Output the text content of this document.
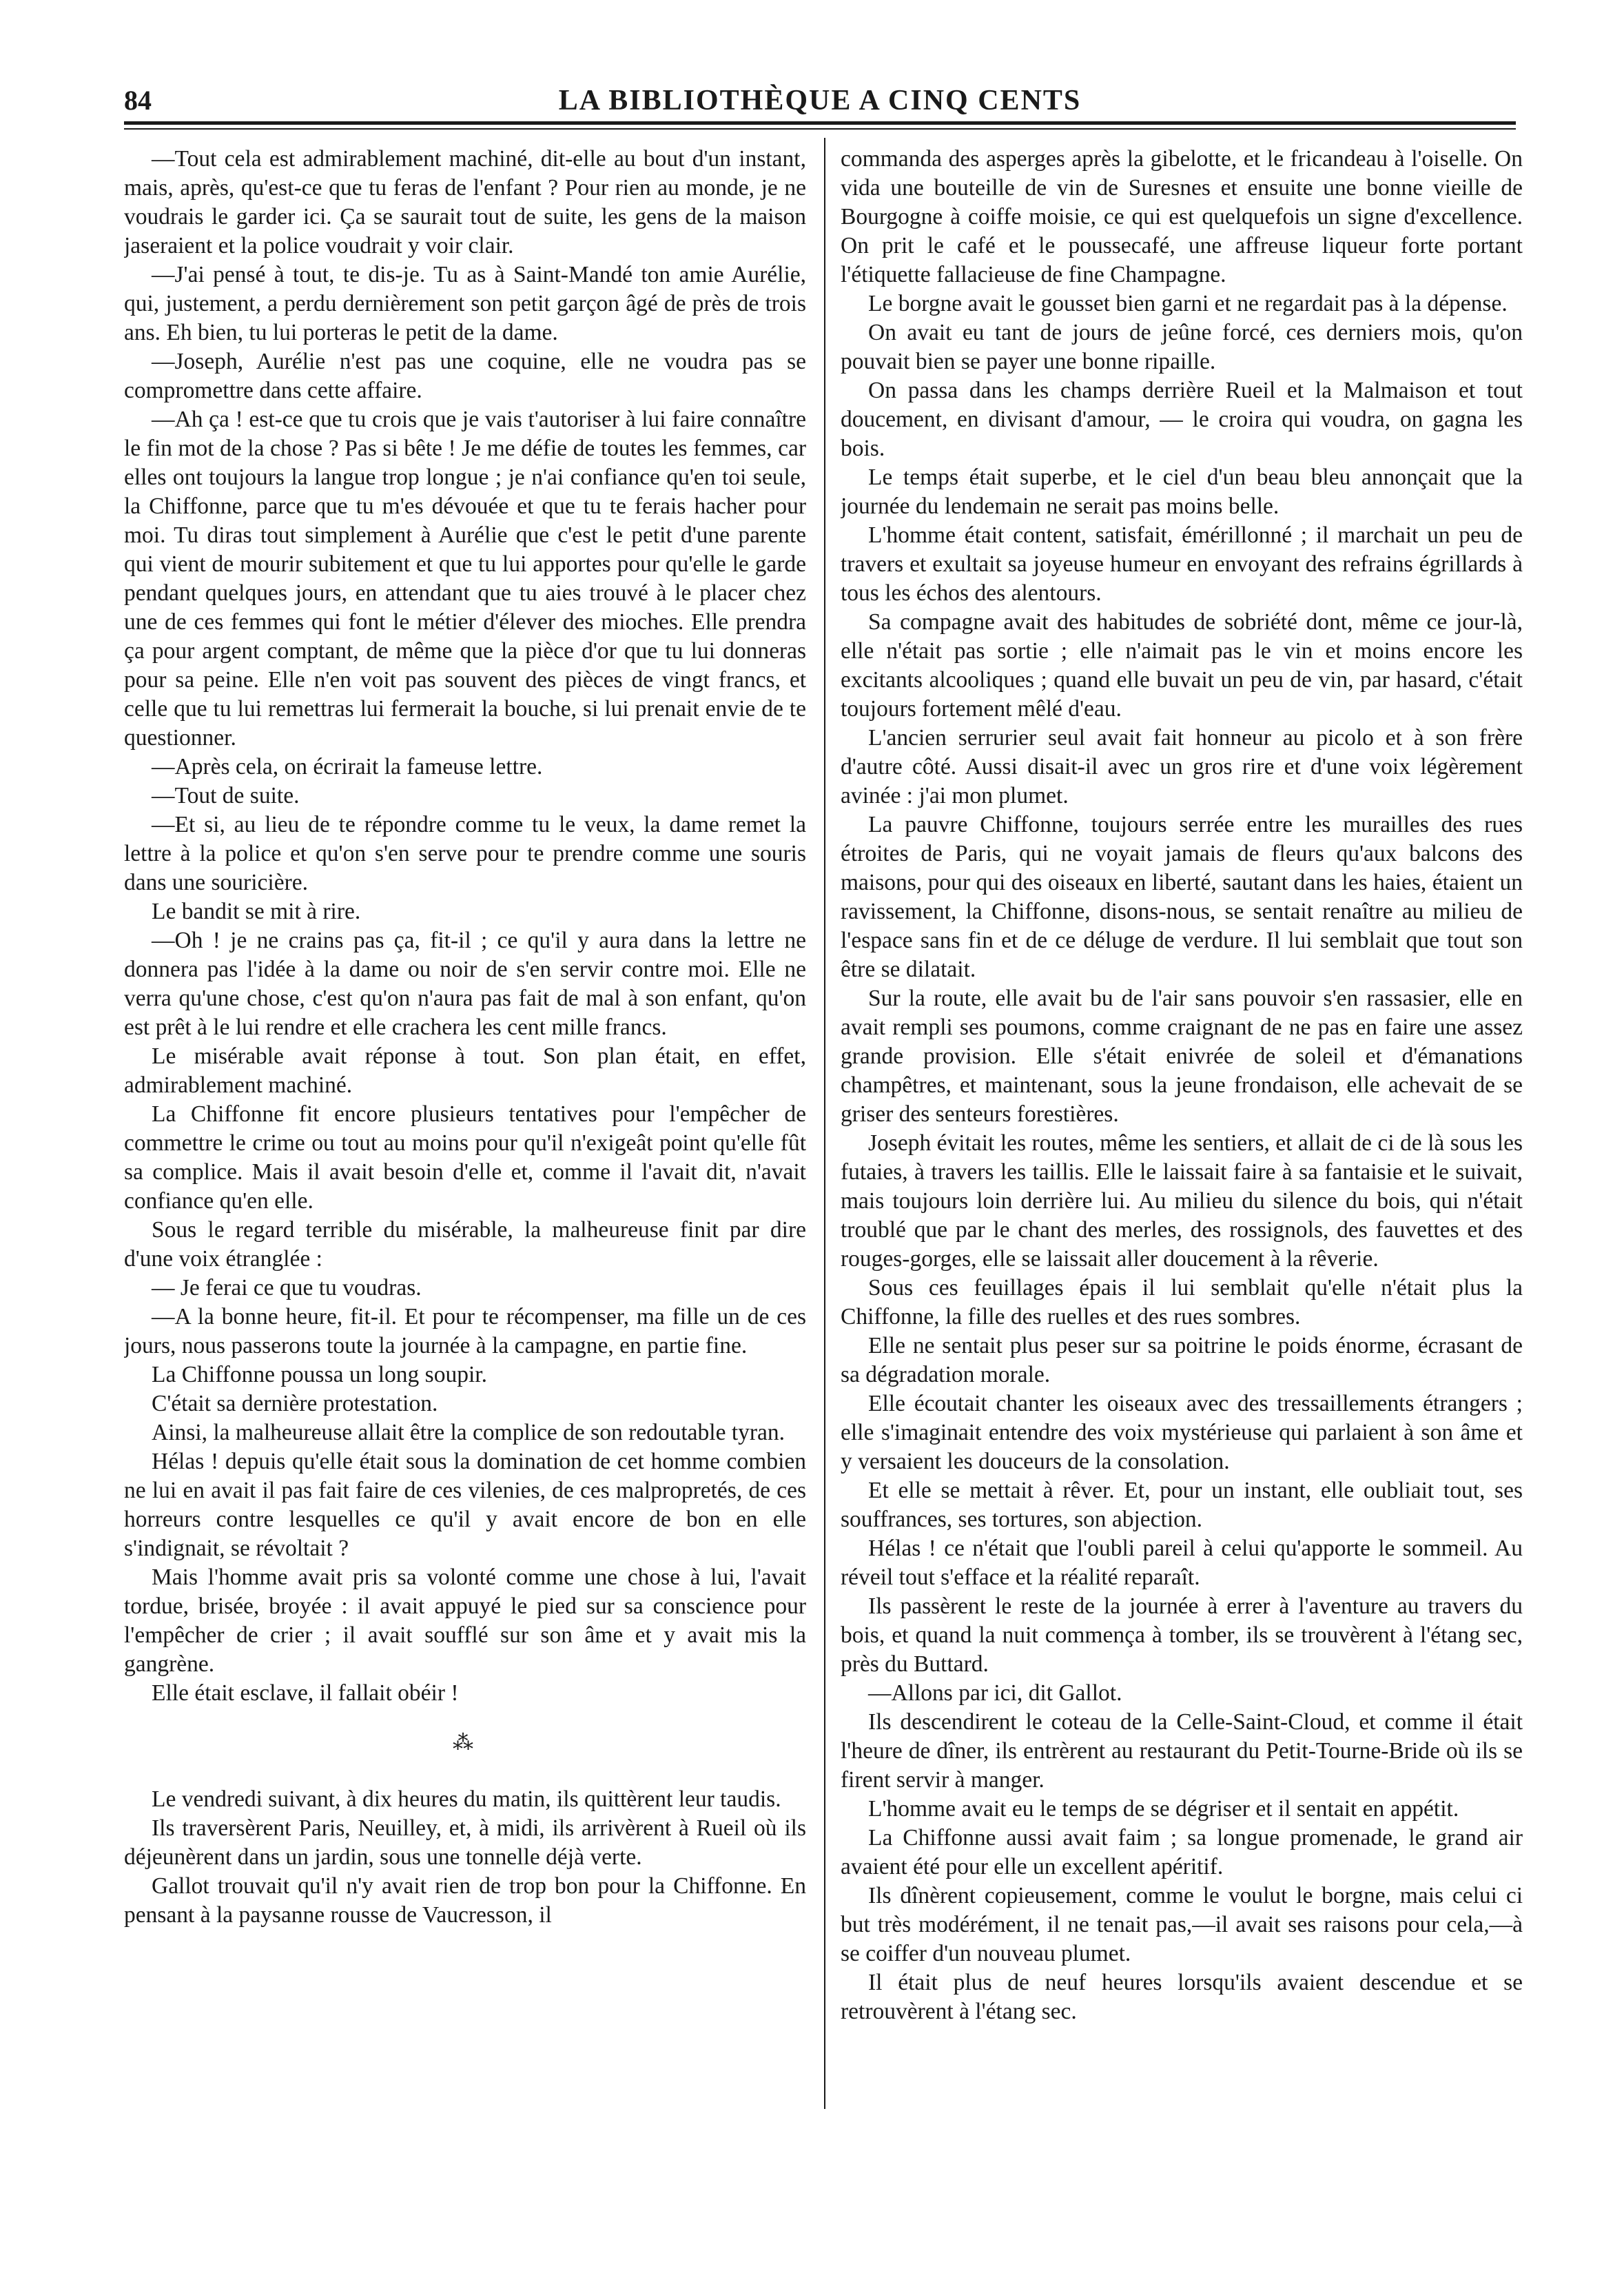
84	LA BIBLIOTHÈQUE A CINQ CENTS

—Tout cela est admirablement machiné, dit-elle au bout d'un instant, mais, après, qu'est-ce que tu feras de l'enfant ? Pour rien au monde, je ne voudrais le garder ici. Ça se saurait tout de suite, les gens de la maison jaseraient et la police voudrait y voir clair.

—J'ai pensé à tout, te dis-je. Tu as à Saint-Mandé ton amie Aurélie, qui, justement, a perdu dernièrement son petit garçon âgé de près de trois ans. Eh bien, tu lui porteras le petit de la dame.

—Joseph, Aurélie n'est pas une coquine, elle ne voudra pas se compromettre dans cette affaire.

—Ah ça ! est-ce que tu crois que je vais t'autoriser à lui faire connaître le fin mot de la chose ? Pas si bête ! Je me défie de toutes les femmes, car elles ont toujours la langue trop longue ; je n'ai confiance qu'en toi seule, la Chiffonne, parce que tu m'es dévouée et que tu te ferais hacher pour moi. Tu diras tout simplement à Aurélie que c'est le petit d'une parente qui vient de mourir subitement et que tu lui apportes pour qu'elle le garde pendant quelques jours, en attendant que tu aies trouvé à le placer chez une de ces femmes qui font le métier d'élever des mioches. Elle prendra ça pour argent comptant, de même que la pièce d'or que tu lui donneras pour sa peine. Elle n'en voit pas souvent des pièces de vingt francs, et celle que tu lui remettras lui fermerait la bouche, si lui prenait envie de te questionner.

—Après cela, on écrirait la fameuse lettre.

—Tout de suite.

—Et si, au lieu de te répondre comme tu le veux, la dame remet la lettre à la police et qu'on s'en serve pour te prendre comme une souris dans une souricière.

Le bandit se mit à rire.

—Oh ! je ne crains pas ça, fit-il ; ce qu'il y aura dans la lettre ne donnera pas l'idée à la dame ou noir de s'en servir contre moi. Elle ne verra qu'une chose, c'est qu'on n'aura pas fait de mal à son enfant, qu'on est prêt à le lui rendre et elle crachera les cent mille francs.

Le misérable avait réponse à tout. Son plan était, en effet, admirablement machiné.

La Chiffonne fit encore plusieurs tentatives pour l'empêcher de commettre le crime ou tout au moins pour qu'il n'exigeât point qu'elle fût sa complice. Mais il avait besoin d'elle et, comme il l'avait dit, n'avait confiance qu'en elle.

Sous le regard terrible du misérable, la malheureuse finit par dire d'une voix étranglée :

— Je ferai ce que tu voudras.

—A la bonne heure, fit-il. Et pour te récompenser, ma fille un de ces jours, nous passerons toute la journée à la campagne, en partie fine.

La Chiffonne poussa un long soupir.

C'était sa dernière protestation.

Ainsi, la malheureuse allait être la complice de son redoutable tyran.

Hélas ! depuis qu'elle était sous la domination de cet homme combien ne lui en avait il pas fait faire de ces vilenies, de ces malpropretés, de ces horreurs contre lesquelles ce qu'il y avait encore de bon en elle s'indignait, se révoltait ?

Mais l'homme avait pris sa volonté comme une chose à lui, l'avait tordue, brisée, broyée : il avait appuyé le pied sur sa conscience pour l'empêcher de crier ; il avait soufflé sur son âme et y avait mis la gangrène.

Elle était esclave, il fallait obéir !

⁂

Le vendredi suivant, à dix heures du matin, ils quittèrent leur taudis.

Ils traversèrent Paris, Neuilley, et, à midi, ils arrivèrent à Rueil où ils déjeunèrent dans un jardin, sous une tonnelle déjà verte.

Gallot trouvait qu'il n'y avait rien de trop bon pour la Chiffonne. En pensant à la paysanne rousse de Vaucresson, il

commanda des asperges après la gibelotte, et le fricandeau à l'oiselle. On vida une bouteille de vin de Suresnes et ensuite une bonne vieille de Bourgogne à coiffe moisie, ce qui est quelquefois un signe d'excellence. On prit le café et le poussecafé, une affreuse liqueur forte portant l'étiquette fallacieuse de fine Champagne.

Le borgne avait le gousset bien garni et ne regardait pas à la dépense.

On avait eu tant de jours de jeûne forcé, ces derniers mois, qu'on pouvait bien se payer une bonne ripaille.

On passa dans les champs derrière Rueil et la Malmaison et tout doucement, en divisant d'amour, — le croira qui voudra, on gagna les bois.

Le temps était superbe, et le ciel d'un beau bleu annonçait que la journée du lendemain ne serait pas moins belle.

L'homme était content, satisfait, émérillonné ; il marchait un peu de travers et exultait sa joyeuse humeur en envoyant des refrains égrillards à tous les échos des alentours.

Sa compagne avait des habitudes de sobriété dont, même ce jour-là, elle n'était pas sortie ; elle n'aimait pas le vin et moins encore les excitants alcooliques ; quand elle buvait un peu de vin, par hasard, c'était toujours fortement mêlé d'eau.

L'ancien serrurier seul avait fait honneur au picolo et à son frère d'autre côté. Aussi disait-il avec un gros rire et d'une voix légèrement avinée : j'ai mon plumet.

La pauvre Chiffonne, toujours serrée entre les murailles des rues étroites de Paris, qui ne voyait jamais de fleurs qu'aux balcons des maisons, pour qui des oiseaux en liberté, sautant dans les haies, étaient un ravissement, la Chiffonne, disons-nous, se sentait renaître au milieu de l'espace sans fin et de ce déluge de verdure. Il lui semblait que tout son être se dilatait.

Sur la route, elle avait bu de l'air sans pouvoir s'en rassasier, elle en avait rempli ses poumons, comme craignant de ne pas en faire une assez grande provision. Elle s'était enivrée de soleil et d'émanations champêtres, et maintenant, sous la jeune frondaison, elle achevait de se griser des senteurs forestières.

Joseph évitait les routes, même les sentiers, et allait de ci de là sous les futaies, à travers les taillis. Elle le laissait faire à sa fantaisie et le suivait, mais toujours loin derrière lui. Au milieu du silence du bois, qui n'était troublé que par le chant des merles, des rossignols, des fauvettes et des rouges-gorges, elle se laissait aller doucement à la rêverie.

Sous ces feuillages épais il lui semblait qu'elle n'était plus la Chiffonne, la fille des ruelles et des rues sombres.

Elle ne sentait plus peser sur sa poitrine le poids énorme, écrasant de sa dégradation morale.

Elle écoutait chanter les oiseaux avec des tressaillements étrangers ; elle s'imaginait entendre des voix mystérieuse qui parlaient à son âme et y versaient les douceurs de la consolation.

Et elle se mettait à rêver. Et, pour un instant, elle oubliait tout, ses souffrances, ses tortures, son abjection.

Hélas ! ce n'était que l'oubli pareil à celui qu'apporte le sommeil. Au réveil tout s'efface et la réalité reparaît.

Ils passèrent le reste de la journée à errer à l'aventure au travers du bois, et quand la nuit commença à tomber, ils se trouvèrent à l'étang sec, près du Buttard.

—Allons par ici, dit Gallot.

Ils descendirent le coteau de la Celle-Saint-Cloud, et comme il était l'heure de dîner, ils entrèrent au restaurant du Petit-Tourne-Bride où ils se firent servir à manger.

L'homme avait eu le temps de se dégriser et il sentait en appétit.

La Chiffonne aussi avait faim ; sa longue promenade, le grand air avaient été pour elle un excellent apéritif.

Ils dînèrent copieusement, comme le voulut le borgne, mais celui ci but très modérément, il ne tenait pas,—il avait ses raisons pour cela,—à se coiffer d'un nouveau plumet.

Il était plus de neuf heures lorsqu'ils avaient descendue et se retrouvèrent à l'étang sec.
